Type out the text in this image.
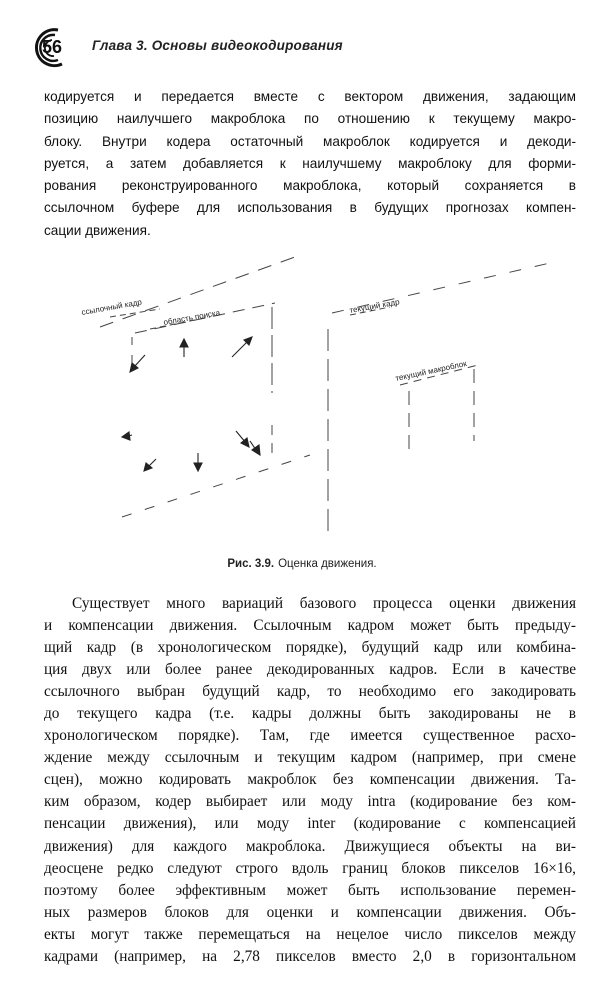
56 Глава 3. Основы видеокодирования

кодируется и передается вместе с вектором движения, задающим
позицию наилучшего макроблока по отношению к текущему макро-
блоку. Внутри кодера остаточный макроблок кодируется и декоди-
руется, а затем добавляется к наилучшему макроблоку для форми-
рования реконструированного макроблока, который сохраняется в
ссылочном буфере для использования в будущих прогнозах компен-
сации движения.

ссылочный кадр
область поиска
текущий кадр
текущий макроблок
Рис. 3.9. Оценка движения.

Существует много вариаций базового процесса оценки движения
и компенсации движения. Ссылочным кадром может быть предыду-
щий кадр (в хронологическом порядке), будущий кадр или комбина-
ция двух или более ранее декодированных кадров. Если в качестве
ссылочного выбран будущий кадр, то необходимо его закодировать
до текущего кадра (т.е. кадры должны быть закодированы не в
хронологическом порядке). Там, где имеется существенное расхо-
ждение между ссылочным и текущим кадром (например, при смене
сцен), можно кодировать макроблок без компенсации движения. Та-
ким образом, кодер выбирает или моду intra (кодирование без ком-
пенсации движения), или моду inter (кодирование с компенсацией
движения) для каждого макроблока. Движущиеся объекты на ви-
деосцене редко следуют строго вдоль границ блоков пикселов 16×16,
поэтому более эффективным может быть использование перемен-
ных размеров блоков для оценки и компенсации движения. Объ-
екты могут также перемещаться на нецелое число пикселов между
кадрами (например, на 2,78 пикселов вместо 2,0 в горизонтальном
